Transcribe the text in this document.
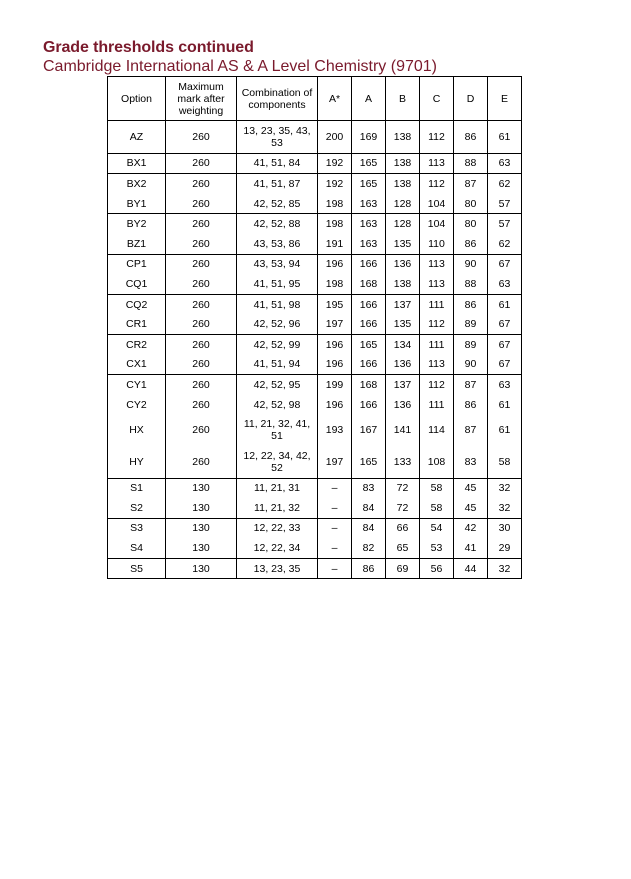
Grade thresholds continued
Cambridge International AS & A Level Chemistry (9701)
Option	Maximum mark after weighting	Combination of components	A*	A	B	C	D	E
AZ	260	13, 23, 35, 43, 53	200	169	138	112	86	61
BX1	260	41, 51, 84	192	165	138	113	88	63
BX2	260	41, 51, 87	192	165	138	112	87	62
BY1	260	42, 52, 85	198	163	128	104	80	57
BY2	260	42, 52, 88	198	163	128	104	80	57
BZ1	260	43, 53, 86	191	163	135	110	86	62
CP1	260	43, 53, 94	196	166	136	113	90	67
CQ1	260	41, 51, 95	198	168	138	113	88	63
CQ2	260	41, 51, 98	195	166	137	111	86	61
CR1	260	42, 52, 96	197	166	135	112	89	67
CR2	260	42, 52, 99	196	165	134	111	89	67
CX1	260	41, 51, 94	196	166	136	113	90	67
CY1	260	42, 52, 95	199	168	137	112	87	63
CY2	260	42, 52, 98	196	166	136	111	86	61
HX	260	11, 21, 32, 41, 51	193	167	141	114	87	61
HY	260	12, 22, 34, 42, 52	197	165	133	108	83	58
S1	130	11, 21, 31	–	83	72	58	45	32
S2	130	11, 21, 32	–	84	72	58	45	32
S3	130	12, 22, 33	–	84	66	54	42	30
S4	130	12, 22, 34	–	82	65	53	41	29
S5	130	13, 23, 35	–	86	69	56	44	32
